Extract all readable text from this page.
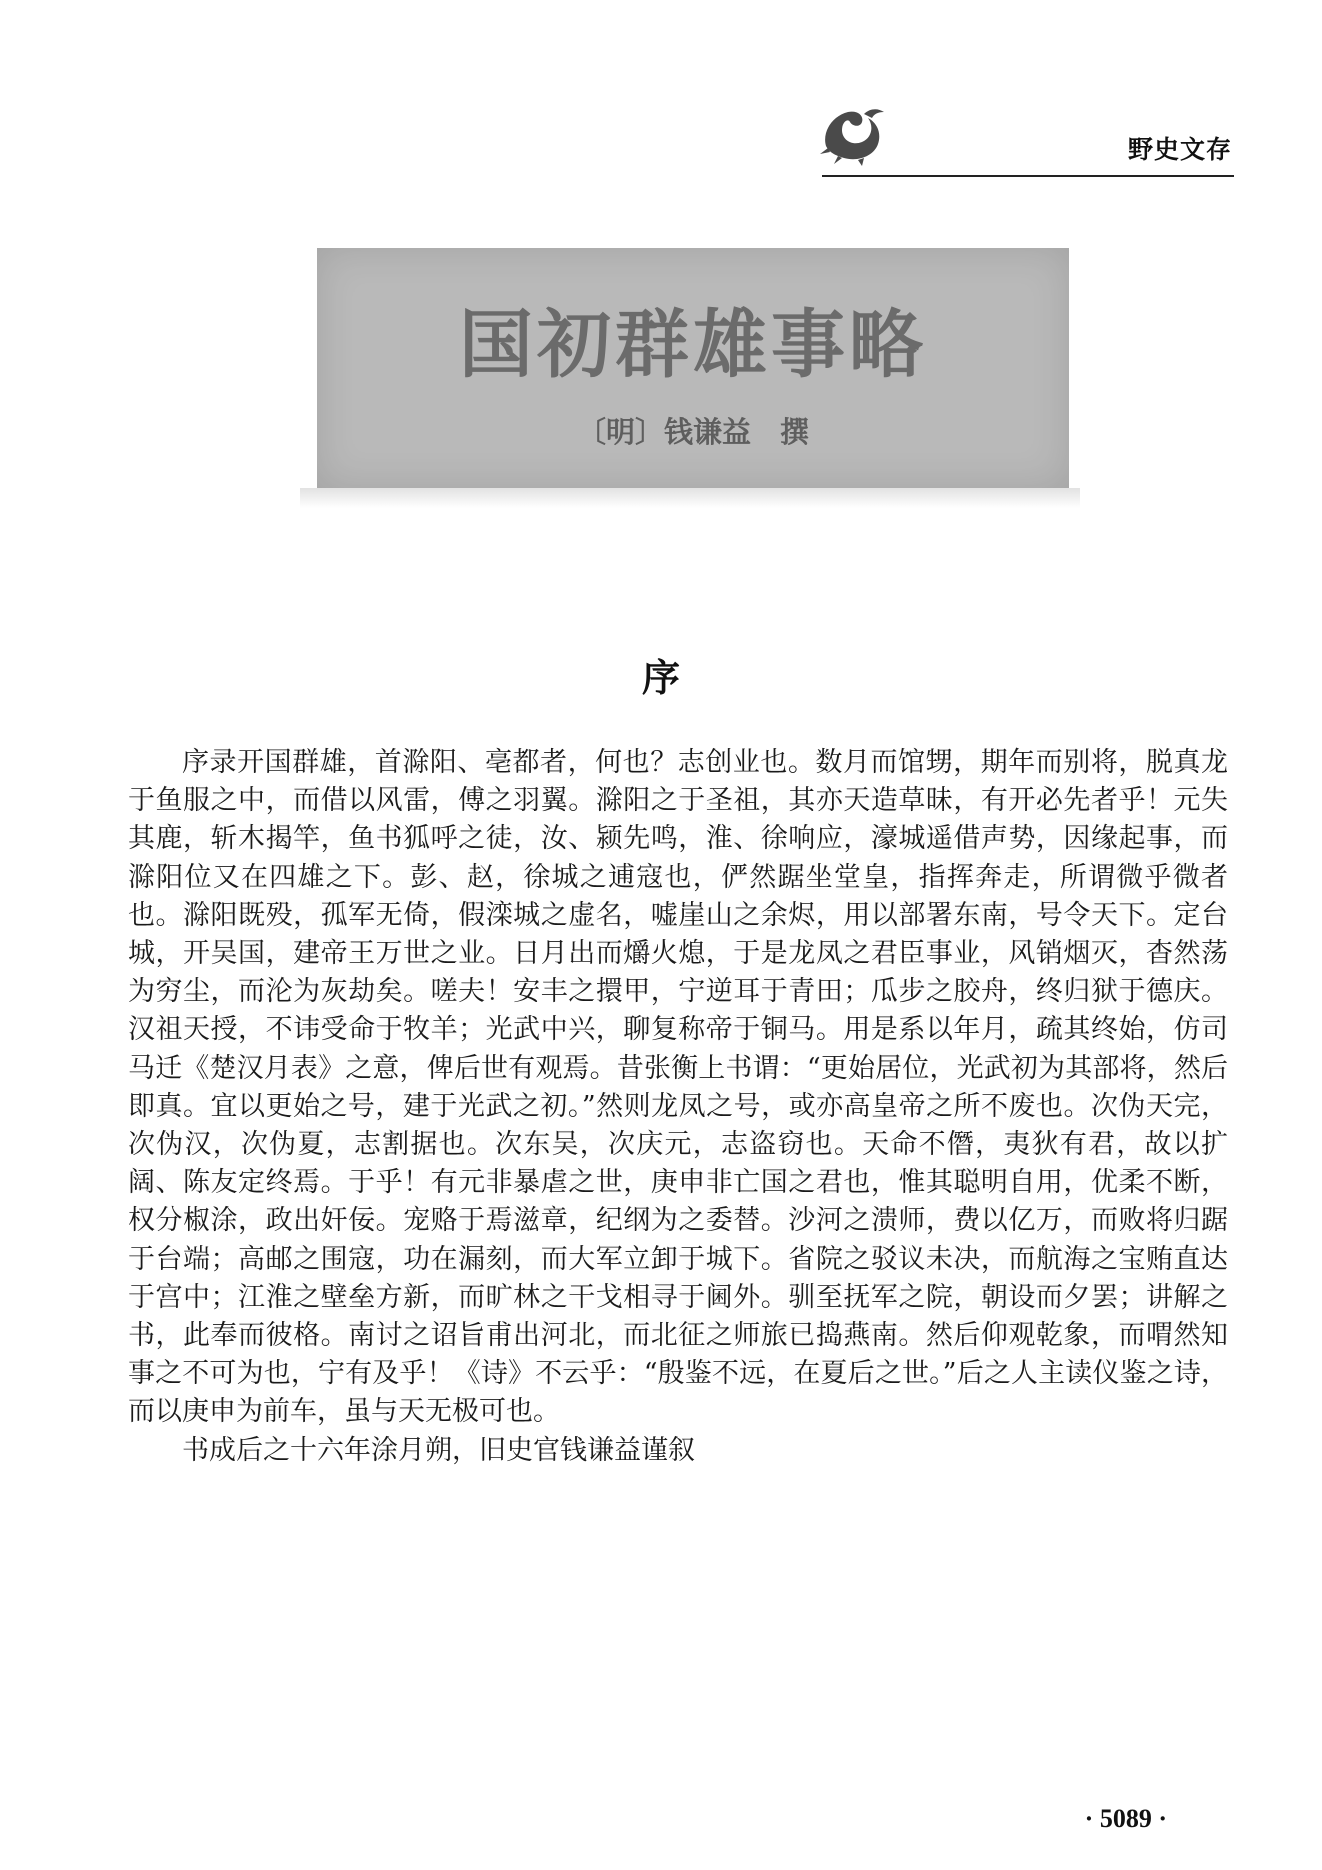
野史文存
国初群雄事略
〔明〕钱谦益　撰
序

序录开国群雄，首滁阳、亳都者，何也？志创业也。数月而馆甥，期年而别将，脱真龙于鱼服之中，而借以风雷，傅之羽翼。滁阳之于圣祖，其亦天造草昧，有开必先者乎！元失其鹿，斩木揭竿，鱼书狐呼之徒，汝、颍先鸣，淮、徐响应，濠城遥借声势，因缘起事，而滁阳位又在四雄之下。彭、赵，徐城之逋寇也，俨然踞坐堂皇，指挥奔走，所谓微乎微者也。滁阳既殁，孤军无倚，假滦城之虚名，嘘崖山之余烬，用以部署东南，号令天下。定台城，开吴国，建帝王万世之业。日月出而爝火熄，于是龙凤之君臣事业，风销烟灭，杳然荡为穷尘，而沦为灰劫矣。嗟夫！安丰之擐甲，宁逆耳于青田；瓜步之胶舟，终归狱于德庆。汉祖天授，不讳受命于牧羊；光武中兴，聊复称帝于铜马。用是系以年月，疏其终始，仿司马迁《楚汉月表》之意，俾后世有观焉。昔张衡上书谓：“更始居位，光武初为其部将，然后即真。宜以更始之号，建于光武之初。”然则龙凤之号，或亦高皇帝之所不废也。次伪天完，次伪汉，次伪夏，志割据也。次东吴，次庆元，志盗窃也。天命不僭，夷狄有君，故以扩阔、陈友定终焉。于乎！有元非暴虐之世，庚申非亡国之君也，惟其聪明自用，优柔不断，权分椒涂，政出奸佞。宠赂于焉滋章，纪纲为之委替。沙河之溃师，费以亿万，而败将归踞于台端；高邮之围寇，功在漏刻，而大军立卸于城下。省院之驳议未决，而航海之宝贿直达于宫中；江淮之壁垒方新，而旷林之干戈相寻于阃外。驯至抚军之院，朝设而夕罢；讲解之书，此奉而彼格。南讨之诏旨甫出河北，而北征之师旅已捣燕南。然后仰观乾象，而喟然知事之不可为也，宁有及乎！《诗》不云乎：“殷鉴不远，在夏后之世。”后之人主读仪鉴之诗，而以庚申为前车，虽与天无极可也。

书成后之十六年涂月朔，旧史官钱谦益谨叙

· 5089 ·
